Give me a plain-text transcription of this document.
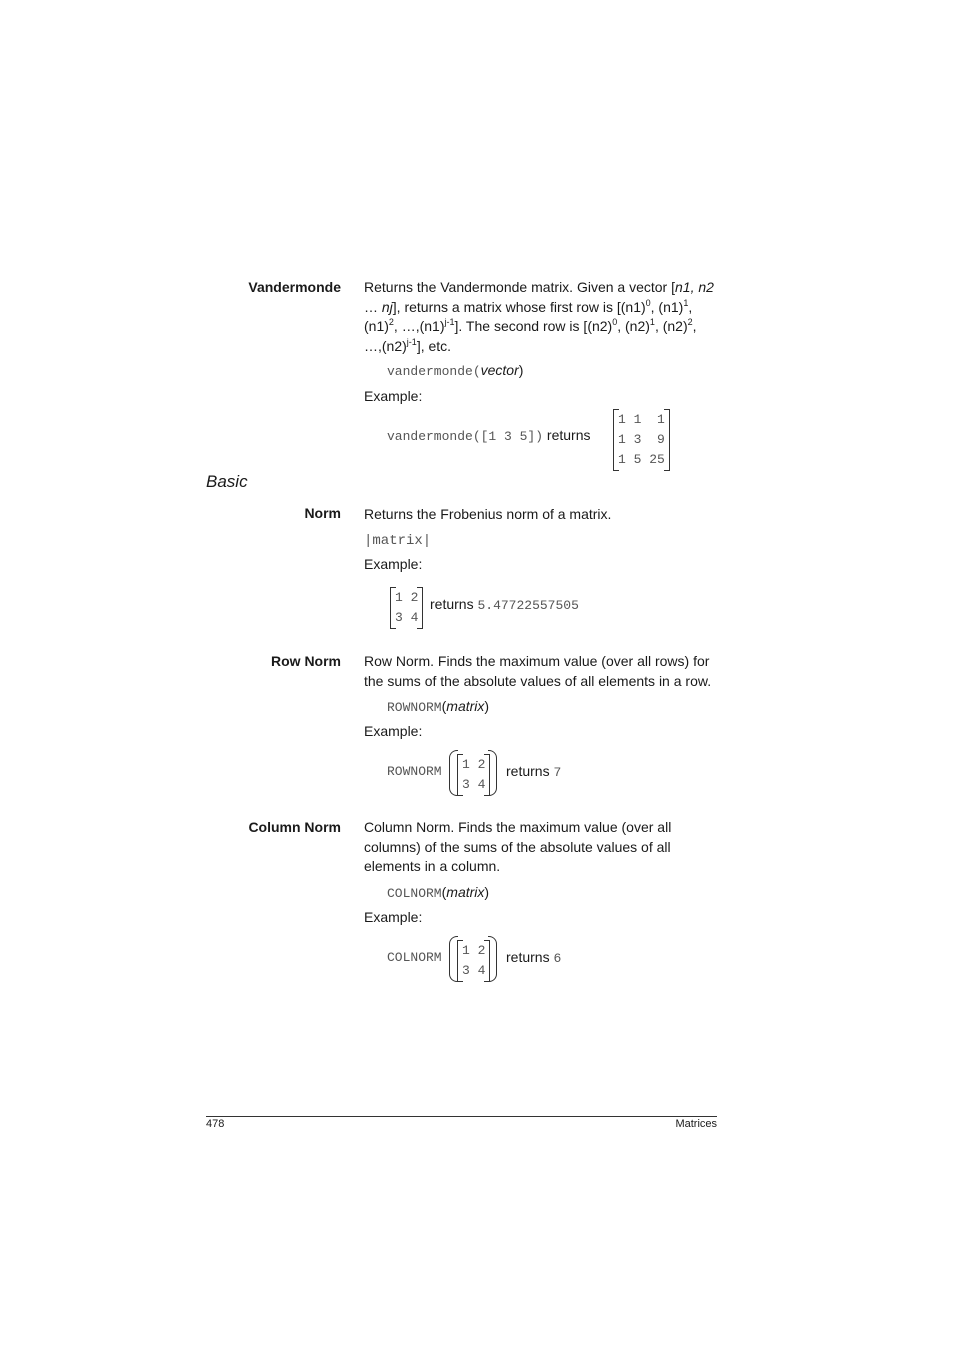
Vandermonde Returns the Vandermonde matrix. Given a vector [n1, n2
… nj], returns a matrix whose first row is [$(n1)^0$, $(n1)^1$,
$(n1)^2$, $\dots,(n1)^{j-1}$]. The second row is [$(n2)^0$, $(n2)^1$, $(n2)^2$,
$\dots,(n2)^{j-1}$], etc.
vandermonde(vector)
Example:
vandermonde([1 3 5]) returns
1 1  1
1 3  9
1 5 25
Basic
Norm Returns the Frobenius norm of a matrix.
|matrix|
Example:
1 2
3 4
returns 5.47722557505
Row Norm Row Norm. Finds the maximum value (over all rows) for the sums of the absolute values of all elements in a row.
ROWNORM(matrix)
Example:
ROWNORM 1 2
3 4
returns 7
Column Norm Column Norm. Finds the maximum value (over all columns) of the sums of the absolute values of all elements in a column.
COLNORM(matrix)
Example:
COLNORM 1 2
3 4
returns 6
478	Matrices
